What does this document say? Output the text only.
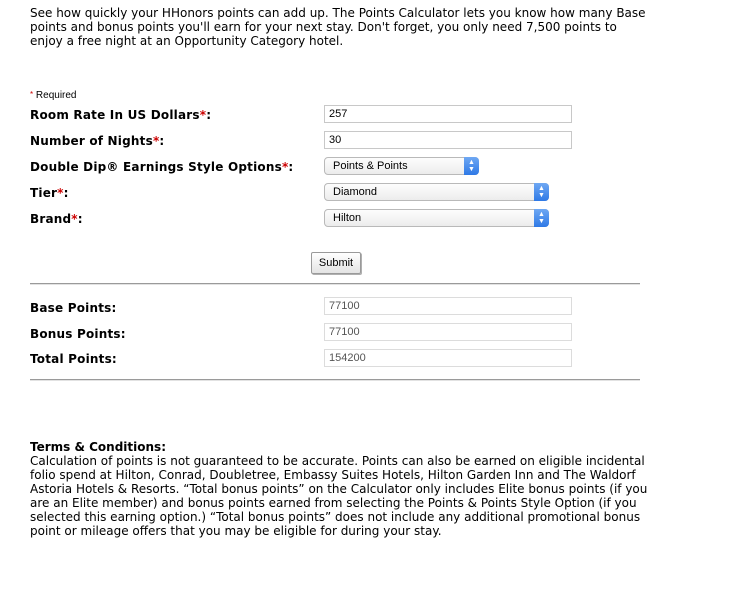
See how quickly your HHonors points can add up. The Points Calculator lets you know how many Base points and bonus points you'll earn for your next stay. Don't forget, you only need 7,500 points to enjoy a free night at an Opportunity Category hotel.

* Required
Room Rate In US Dollars*:
257
Number of Nights*:
30
Double Dip® Earnings Style Options*:	Points & Points	▲
▼
Tier*:	Diamond	▲
▼
Brand*:	Hilton	▲
▼
Submit
Base Points:
77100
Bonus Points:
77100
Total Points:
154200
Terms & Conditions:
Calculation of points is not guaranteed to be accurate. Points can also be earned on eligible incidental folio spend at Hilton, Conrad, Doubletree, Embassy Suites Hotels, Hilton Garden Inn and The Waldorf Astoria Hotels & Resorts. “Total bonus points” on the Calculator only includes Elite bonus points (if you are an Elite member) and bonus points earned from selecting the Points & Points Style Option (if you selected this earning option.) “Total bonus points” does not include any additional promotional bonus point or mileage offers that you may be eligible for during your stay.
